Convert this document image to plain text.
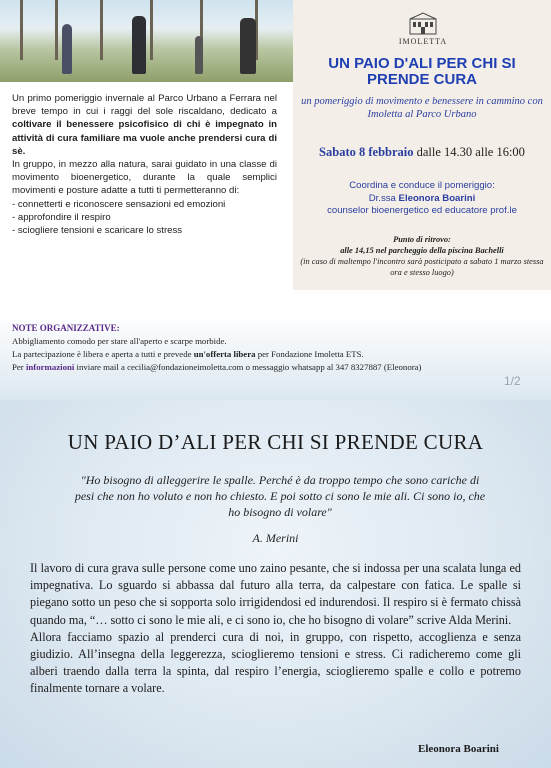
Un primo pomeriggio invernale al Parco Urbano a Ferrara nel breve tempo in cui i raggi del sole riscaldano, dedicato a coltivare il benessere psicofisico di chi è impegnato in attività di cura familiare ma vuole anche prendersi cura di sè.

In gruppo, in mezzo alla natura, sarai guidato in una classe di movimento bioenergetico, durante la quale semplici movimenti e posture adatte a tutti ti permetteranno di:

- connetterti e riconoscere sensazioni ed emozioni
- approfondire il respiro
- sciogliere tensioni e scaricare lo stress
IMOLETTA
UN PAIO D'ALI PER CHI SI PRENDE CURA
un pomeriggio di movimento e benessere in cammino con Imoletta al Parco Urbano
Sabato 8 febbraio dalle 14.30 alle 16:00
Coordina e conduce il pomeriggio:
Dr.ssa Eleonora Boarini
counselor bioenergetico ed educatore prof.le
Punto di ritrovo:
alle 14,15 nel parcheggio della piscina Bachelli
(in caso di maltempo l'incontro sarà posticipato a sabato 1 marzo stessa ora e stesso luogo)
NOTE ORGANIZZATIVE:
Abbigliamento comodo per stare all'aperto e scarpe morbide.
La partecipazione è libera e aperta a tutti e prevede un'offerta libera per Fondazione Imoletta ETS.
Per informazioni inviare mail a cecilia@fondazioneimoletta.com o messaggio whatsapp al 347 8327887 (Eleonora)
1/2
UN PAIO D’ALI PER CHI SI PRENDE CURA
"Ho bisogno di alleggerire le spalle. Perché è da troppo tempo che sono cariche di pesi che non ho voluto e non ho chiesto. E poi sotto ci sono le mie ali. Ci sono io, che ho bisogno di volare"
A. Merini

Il lavoro di cura grava sulle persone come uno zaino pesante, che si indossa per una scalata lunga ed impegnativa. Lo sguardo si abbassa dal futuro alla terra, da calpestare con fatica. Le spalle si piegano sotto un peso che si sopporta solo irrigidendosi ed indurendosi. Il respiro si è fermato chissà quando ma, “… sotto ci sono le mie ali, e ci sono io, che ho bisogno di volare” scrive Alda Merini.

Allora facciamo spazio al prenderci cura di noi, in gruppo, con rispetto, accoglienza e senza giudizio. All’insegna della leggerezza, scioglieremo tensioni e stress. Ci radicheremo come gli alberi traendo dalla terra la spinta, dal respiro l’energia, scioglieremo spalle e collo e potremo finalmente tornare a volare.

Eleonora Boarini
